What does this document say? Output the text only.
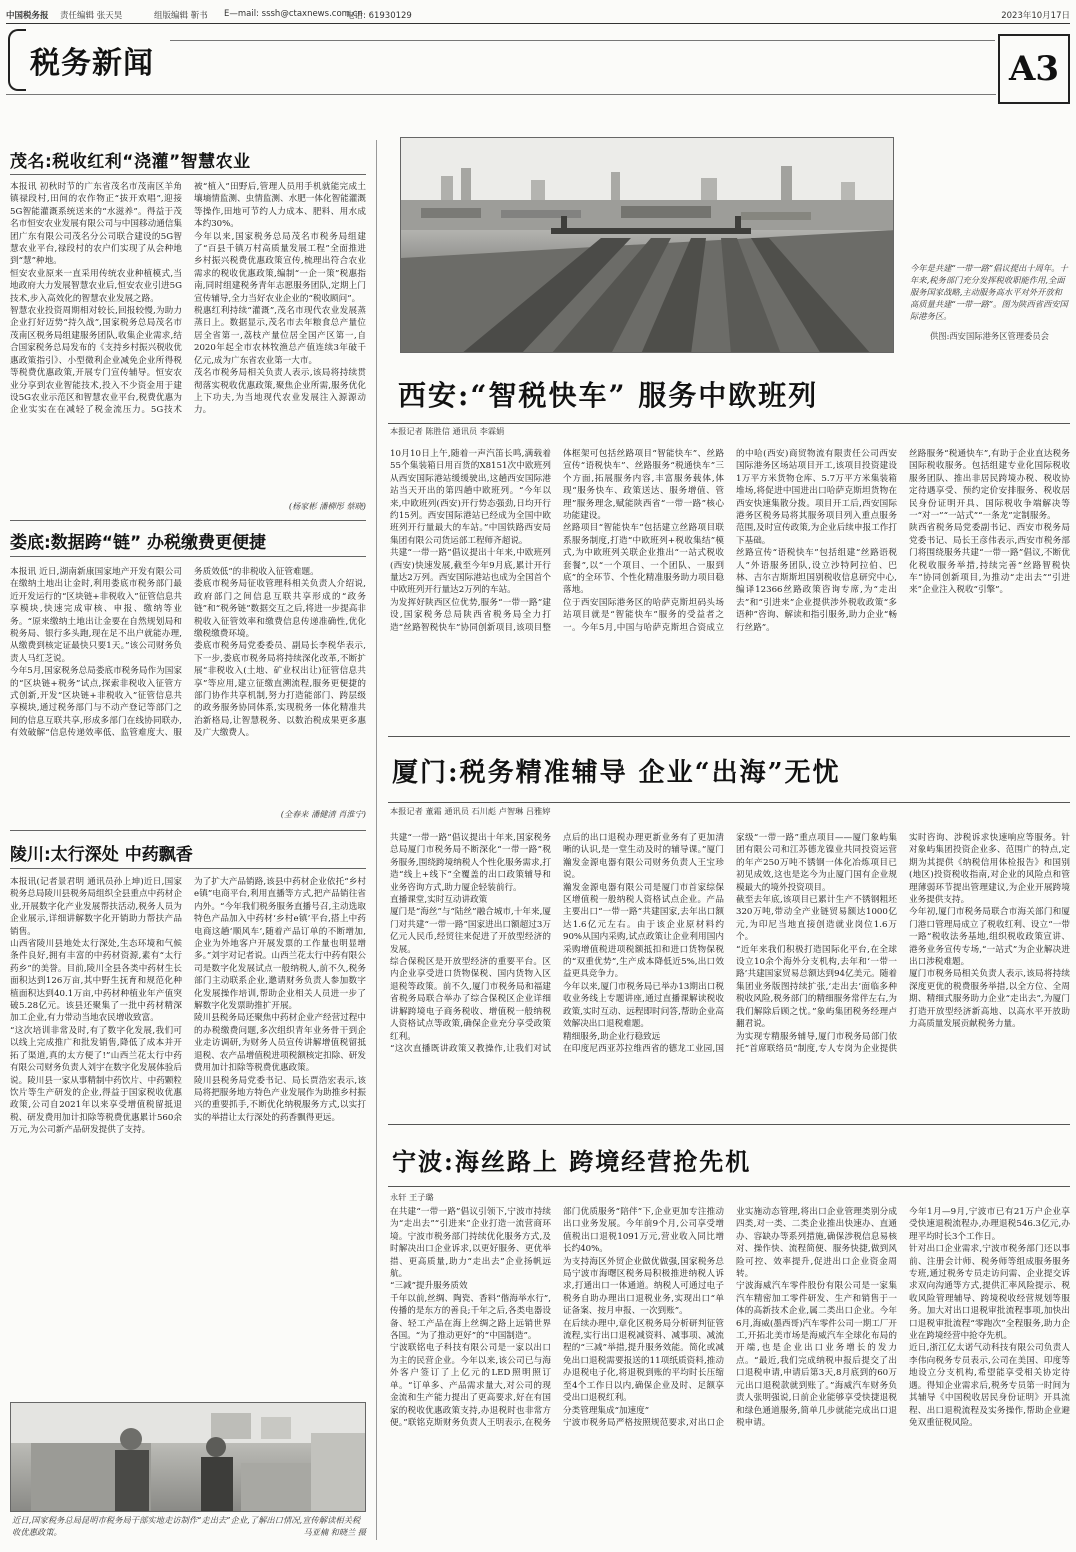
中国税务报 责任编辑 张天昊	组版编辑 靳书 E—mail: sssh@ctaxnews.com.cn
电话: 61930129	2023年10月17日
税务新闻	A3
茂名:税收红利“浇灌”智慧农业
本报讯 初秋时节的广东省茂名市茂南区羊角镇禄段村,田间的农作物正“拔开欢唱”,迎接5G智能灌溉系统送来的“水滋养”。得益于茂名市恒安农业发展有限公司与中国移动通信集团广东有限公司茂名分公司联合建设的5G智慧农业平台,禄段村的农户们实现了从会种地到“慧”种地。
恒安农业原来一直采用传统农业种植模式,当地政府大力发展智慧农业后,恒安农业引进5G技术,步入高效化的智慧农业发展之路。
智慧农业投资周期相对较长,回报较慢,为助力企业打好迈势“持久战”,国家税务总局茂名市茂南区税务局组建服务团队,收集企业需求,结合国家税务总局发布的《支持乡村振兴税收优惠政策指引》、小型微利企业减免企业所得税等税费优惠政策,开展专门宣传辅导。恒安农业分享到农业智能技术,投入不少资金用于建设5G农业示范区和智慧农业平台,税费优惠为企业实实在在减轻了税金流压力。5G技术被“植入”田野后,管理人员用手机就能完成土壤墒情监测、虫情监测、水肥一体化智能灌溉等操作,田地可节约人力成本、肥料、用水成本约30%。
今年以来,国家税务总局茂名市税务局组建了“百县千镇万村高质量发展工程”全面推进乡村振兴税费优惠政策宣传,梳理出符合农业需求的税收优惠政策,编制“一企一策”税惠指南,同时组建税务青年志愿服务团队,定期上门宣传辅导,全力当好农业企业的“税收顾问”。
税惠红利持续“灌溉”,茂名市现代农业发展蒸蒸日上。数据显示,茂名市去年粮食总产量位居全省第一,荔枝产量位居全国产区第一,自2020年起全市农林牧渔总产值连续3年破千亿元,成为广东省农业第一大市。
茂名市税务局相关负责人表示,该局将持续贯彻落实税收优惠政策,聚焦企业所需,服务优化上下功夫,为当地现代农业发展注入源源动力。
(杨家彬 潘柳彤 蔡晓)
娄底:数据跨“链” 办税缴费更便捷
本报讯 近日,湖南新康国家地产开发有限公司在缴纳土地出让金时,利用娄底市税务部门最近开发运行的“区块链+非税收入”征管信息共享模块,快速完成审核、申报、缴纳等业务。“原来缴纳土地出让金要在自然规划局和税务局、银行多头跑,现在足不出户就能办理,从缴费到核定证最快只要1天。”该公司财务负责人马红芝说。
今年5月,国家税务总局娄底市税务局作为国家的“区块链+税务”试点,探索非税收入征管方式创新,开发“区块链+非税收入”征管信息共享模块,通过税务部门与不动产登记等部门之间的信息互联共享,形成多部门在线协同联办,有效破解“信息传递效率低、监管难度大、服务质效低”的非税收入征管难题。
娄底市税务局征收管理科相关负责人介绍说,政府部门之间信息互联共享形成的“政务链”和“税务链”数据交互之后,将进一步提高非税收入征管效率和缴费信息传递准确性,优化缴税缴费环境。
娄底市税务局党委委员、副局长李税华表示,下一步,娄底市税务局将持续深化改革,不断扩展“非税收入(土地、矿业权出让)征管信息共享”等应用,建立征缴直溯流程,服务更便捷的部门协作共享机制,努力打造能部门、跨层级的政务服务协同体系,实现税务一体化精准共治新格局,让智慧税务、以数治税成果更多惠及广大缴费人。
(全春来 潘健清 肖淮宁)
陵川:太行深处 中药飘香
本报讯(记者景君明 通讯员孙上坤)近日,国家税务总局陵川县税务局组织全县重点中药材企业,开展数字化产业发展帮扶活动,税务人员为企业展示,详细讲解数字化开销助力帮扶产品销售。
山西省陵川县地处太行深处,生态环境和气候条件良好,拥有丰富的中药材资源,素有“太行药乡”的美誉。目前,陵川全县各类中药材生长面积达到126万亩,其中野生抚育和规范化种植面积达到40.1万亩,中药材种植业年产值突破5.28亿元。该县还聚集了一批中药材精深加工企业,有力带动当地农民增收致富。
“这次培训非常及时,有了数字化发展,我们可以线上完成推广和批发销售,降低了成本并开拓了渠道,真的太方便了!”山西兰花太行中药有限公司财务负责人刘宇在数字化发展体验后说。陵川县一家从事精制中药饮片、中药颗粒饮片等生产研发的企业,得益于国家税收优惠政策,公司自2021年以来享受增值税留抵退税、研发费用加计扣除等税费优惠累计560余万元,为公司新产品研发提供了支持。
为了扩大产品销路,该县中药材企业依托“乡村e镇”电商平台,利用直播等方式,把产品销往省内外。“今年我们税务服务直播号召,主动选取特色产品加入中药材‘乡村e镇’平台,搭上中药电商这趟‘顺风车’,随着产品订单的不断增加,企业为外地客户开展发票的工作量也明显增多。”刘宇对记者说。山西兰花太行中药有限公司是数字化发展试点一般纳税人,前不久,税务部门主动联系企业,邀请财务负责人参加数字化发展操作培训,帮助企业相关人员进一步了解数字化发票助推扩开展。
陵川县税务局还聚焦中药材企业产经营过程中的办税缴费问题,多次组织青年业务骨干到企业走访调研,为财务人员宣传讲解增值税留抵退税、农产品增值税进项税额核定扣除、研发费用加计扣除等税费优惠政策。
陵川县税务局党委书记、局长贾浩宏表示,该局将把服务地方特色产业发展作为助推乡村振兴的重要抓手,不断优化纳税服务方式,以实打实的举措让太行深处的药香飘得更远。
近日,国家税务总局昆明市税务局干部实地走访制作“走出去”企业,了解出口情况,宣传解读相关税收优惠政策。	马亚楠 和晓兰 摄
今年是共建“一带一路”倡议提出十周年。十年来,税务部门充分发挥税收职能作用,全面服务国家战略,主动服务高水平对外开放和高质量共建“一带一路”。图为陕西省西安国际港务区。
供图:西安国际港务区管理委员会
西安:“智税快车” 服务中欧班列
本报记者 陈胜信 通讯员 李霖娟
10月10日上午,随着一声汽笛长鸣,满载着55个集装箱日用百货的X8151次中欧班列从西安国际港站缓缓驶出,这趟西安国际港站当天开出的第四趟中欧班列。“今年以来,中欧班列(西安)开行势态强劲,日均开行约15列。西安国际港站已经成为全国中欧班列开行量最大的车站。”中国铁路西安局集团有限公司货运部工程师齐超说。
共建“一带一路”倡议提出十年来,中欧班列(西安)快速发展,截至今年9月底,累计开行量达2万列。西安国际港站也成为全国首个中欧班列开行量达2万列的车站。
为发挥好陕西区位优势,服务“一带一路”建设,国家税务总局陕西省税务局全力打造“丝路智税快车”协同创新项目,该项目整体框架可包括丝路项目“智能快车”、丝路宣传“语税快车”、丝路服务“税通快车”三个方面,拓展服务内容,丰富服务载体,体现“服务快车、政策送达、服务增值、管理”服务理念,赋能陕西省“一带一路”核心功能建设。
丝路项目“智能快车”包括建立丝路项目联系服务制度,打造“中欧班列+税收集结”模式,为中欧班列关联企业推出“一站式税收套餐”,以“一个项目、一个团队、一服到底”的全环节、个性化精准服务助力项目稳落地。
位于西安国际港务区的哈萨克斯坦码头场站项目就是“智能快车”服务的受益者之一。今年5月,中国与哈萨克斯坦合资成立的中哈(西安)商贸物流有限责任公司西安国际港务区场站项目开工,该项目投资建设1万平方米货物仓库、5.7万平方米集装箱堆场,将促进中国进出口哈萨克斯坦货物在西安快速集散分拨。项目开工后,西安国际港务区税务局将其服务项目列入重点服务范围,及时宣传政策,为企业后续申报工作打下基础。
丝路宣传“语税快车”包括组建“丝路语税人”外语服务团队,设立沙特阿拉伯、巴林、吉尔吉斯斯坦国别税收信息研究中心,编译12366丝路政策咨询专席,为“走出去”和“引进来”企业提供涉外税收政策“多语种”咨询、解读和指引服务,助力企业“畅行丝路”。
丝路服务“税通快车”,有助于企业直达税务国际税收服务。包括组建专业化国际税收服务团队、推出非居民跨境办税、税收协定待遇享受、预约定价安排服务、税收居民身份证明开具、国际税收争端解决等一“对一”“一站式”“一条龙”定制服务。
陕西省税务局党委副书记、西安市税务局党委书记、局长王彦伟表示,西安市税务部门将围绕服务共建“一带一路”倡议,不断优化税收服务举措,持续完善“丝路智税快车”协同创新项目,为推动“走出去”“引进来”企业注入税收“引擎”。
厦门:税务精准辅导 企业“出海”无忧
本报记者 董霜 通讯员 石川彪 卢智琳 吕雅婷
共建“一带一路”倡议提出十年来,国家税务总局厦门市税务局不断深化“一带一路”税务服务,围绕跨境纳税人个性化服务需求,打造“线上+线下”全覆盖的出口政策辅导和业务咨询方式,助力厦企轻装前行。
直播课堂,实时互动讲政策
厦门是“海丝”与“陆丝”融合城市,十年来,厦门对共建“一带一路”国家进出口额超过3万亿元人民币,经贸往来促进了开放型经济的发展。
综合保税区是开放型经济的重要平台。区内企业享受进口货物保税、国内货物入区退税等政策。前不久,厦门市税务局和福建省税务局联合举办了综合保税区企业详细讲解跨境电子商务税收、增值税一般纳税人资格试点等政策,确保企业充分享受政策红利。
“这次直播既讲政策又教操作,让我们对试点后的出口退税办理更新业务有了更加清晰的认识,是一堂生动及时的辅导课。”厦门瀚发金源电器有限公司财务负责人王宝珍说。
瀚发金源电器有限公司是厦门市首家综保区增值税一般纳税人资格试点企业。产品主要出口“一带一路”共建国家,去年出口额达1.6亿元左右。由于该企业原材料约90%从国内采购,试点政策让企业利用国内采购增值税进项税额抵扣和进口货物保税的“双重优势”,生产成本降低近5%,出口效益更具竞争力。
今年以来,厦门市税务局已举办13期出口税收业务线上专题讲座,通过直播课解读税收政策,实时互动、远程即时问答,帮助企业高效解决出口退税难题。
精细服务,助企业行稳致远
在印度尼西亚苏拉维西省的德龙工业园,国家级“一带一路”重点项目——厦门象屿集团有限公司和江苏德龙镍业共同投资运营的年产250万吨不锈钢一体化冶炼项目已初见成效,这也是迄今为止厦门国有企业规模最大的境外投资项目。
截至去年底,该项目已累计生产不锈钢粗坯320万吨,带动全产业链贸易额达1000亿元,为印尼当地直接创造就业岗位1.6万个。
“近年来我们积极打造国际化平台,在全球设立10余个海外分支机构,去年和‘一带一路’共建国家贸易总额达到94亿美元。随着集团业务版图持续扩张,‘走出去’面临多种税收风险,税务部门的精细服务常伴左右,为我们解除后顾之忧。”象屿集团税务经理卢翻君说。
为实现专精服务辅导,厦门市税务局部门依托“首席联络员”制度,专人专岗为企业提供实时咨询、涉税诉求快速响应等服务。针对象屿集团投资企业多、范围广的特点,定期为其提供《纳税信用体检报告》和国别(地区)投资税收指南,对企业的风险点和管理薄弱环节提出管理建议,为企业开展跨境业务提供支持。
今年初,厦门市税务局联合市海关部门和厦门港口管理局成立了税收红利、设立“一带一路”税收法务基地,组织税收政策宣讲、港务业务宣传专场,“一站式”为企业解决进出口涉税难题。
厦门市税务局相关负责人表示,该局将持续深度更优的税费服务举措,以全方位、全周期、精细式服务助力企业“走出去”,为厦门打造开放型经济新高地、以高水平开放助力高质量发展贡献税务力量。
宁波:海丝路上 跨境经营抢先机
永轩 王子璐
在共建“一带一路”倡议引领下,宁波市持续为“走出去”“引进来”企业打造一流营商环境。宁波市税务部门持续优化服务方式,及时解决出口企业诉求,以更好服务、更优举措、更高质量,助力“走出去”企业扬帆远航。
“三减”提升服务质效
千年以前,丝绸、陶瓷、香料“偕海举水行”,传播的是东方的善良;千年之后,各类电器设备、轻工产品在海上丝绸之路上远销世界各国。“为了推动更好”的“中国制造”。
宁波联铭电子科技有限公司是一家以出口为主的民营企业。今年以来,该公司已与海外客户签订了上亿元的LED照明照订单。“订单多、产品需求量大,对公司的现金流和生产能力提出了更高要求,好在有国家的税收优惠政策支持,办退税时也非常方便。”联铭克斯财务负责人王明表示,在税务部门优质服务“陪伴”下,企业更加专注推动出口业务发展。今年前9个月,公司享受增值税出口退税1091万元,营业收入同比增长约40%。
为支持海区外贸企业做优做强,国家税务总局宁波市海曙区税务局积极推进纳税人诉求,打通出口一体通道。纳税人可通过电子税务自助办理出口退税业务,实现出口“单证备案、按月申报、一次到账”。
在后续办理中,章化区税务局分析研判征管流程,实行出口退税减资料、减事项、减流程的“三减”举措,提升服务效能。简化或减免出口退税需要报送的11项纸质资料,推动办退税电子化,将退税到账的平均时长压缩至4个工作日以内,确保企业及时、足额享受出口退税红利。
分类管理集成“加速度”
宁波市税务局严格按照规范要求,对出口企业实施动态管理,将出口企业管理类别分成四类,对一类、二类企业推出快速办、直通办、容缺办等系列措施,确保涉税信息易核对、操作快、流程简便、服务快捷,做到风险可控、效率提升,促进出口企业资金周转。
宁波海威汽车零件股份有限公司是一家集汽车精密加工零件研发、生产和销售于一体的高新技术企业,属二类出口企业。今年6月,海威(墨西哥)汽车零件公司一期工厂开工,开拓北美市场是海威汽车全球化布局的开端,也是企业出口业务增长的发力点。“最近,我们完成纳税申报后提交了出口退税申请,申请后第3天,8月底到的60万元出口退税款就到账了。”海威汽车财务负责人张明强说,日前企业能够享受快捷退税和绿色通道服务,简单几步就能完成出口退税申请。
今年1月—9月,宁波市已有21万户企业享受快速退税流程办,办理退税546.3亿元,办理平均时长3个工作日。
针对出口企业需求,宁波市税务部门还以事前、注册会计师、税务师等组成服务服务专班,通过税务专员走访问需、企业提交诉求双向沟通等方式,提供汇率风险提示、税收风险管理辅导、跨境税收经营规划等服务。加大对出口退税审批流程事项,加快出口退税审批流程“零跑次”全程服务,助力企业在跨境经营中抢夺先机。
近日,浙江亿太诺气动科技有限公司负责人李伟向税务专员表示,公司在美国、印度等地设立分支机构,希望能享受相关协定待遇。得知企业需求后,税务专员第一时间为其辅导《中国税收居民身份证明》开具流程、出口退税流程及实务操作,帮助企业避免双重征税风险。
